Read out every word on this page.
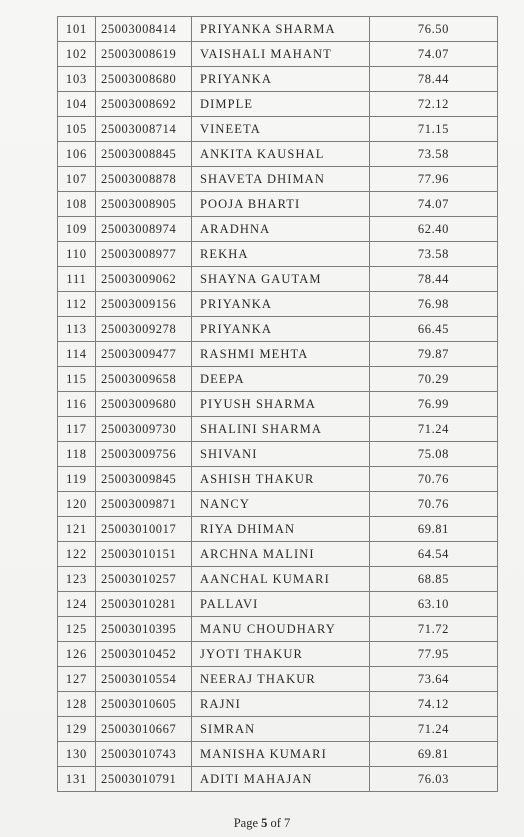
101	25003008414	PRIYANKA SHARMA	76.50
102	25003008619	VAISHALI MAHANT	74.07
103	25003008680	PRIYANKA	78.44
104	25003008692	DIMPLE	72.12
105	25003008714	VINEETA	71.15
106	25003008845	ANKITA KAUSHAL	73.58
107	25003008878	SHAVETA DHIMAN	77.96
108	25003008905	POOJA BHARTI	74.07
109	25003008974	ARADHNA	62.40
110	25003008977	REKHA	73.58
111	25003009062	SHAYNA GAUTAM	78.44
112	25003009156	PRIYANKA	76.98
113	25003009278	PRIYANKA	66.45
114	25003009477	RASHMI MEHTA	79.87
115	25003009658	DEEPA	70.29
116	25003009680	PIYUSH SHARMA	76.99
117	25003009730	SHALINI SHARMA	71.24
118	25003009756	SHIVANI	75.08
119	25003009845	ASHISH THAKUR	70.76
120	25003009871	NANCY	70.76
121	25003010017	RIYA DHIMAN	69.81
122	25003010151	ARCHNA MALINI	64.54
123	25003010257	AANCHAL KUMARI	68.85
124	25003010281	PALLAVI	63.10
125	25003010395	MANU CHOUDHARY	71.72
126	25003010452	JYOTI THAKUR	77.95
127	25003010554	NEERAJ THAKUR	73.64
128	25003010605	RAJNI	74.12
129	25003010667	SIMRAN	71.24
130	25003010743	MANISHA KUMARI	69.81
131	25003010791	ADITI MAHAJAN	76.03
Page 5 of 7
